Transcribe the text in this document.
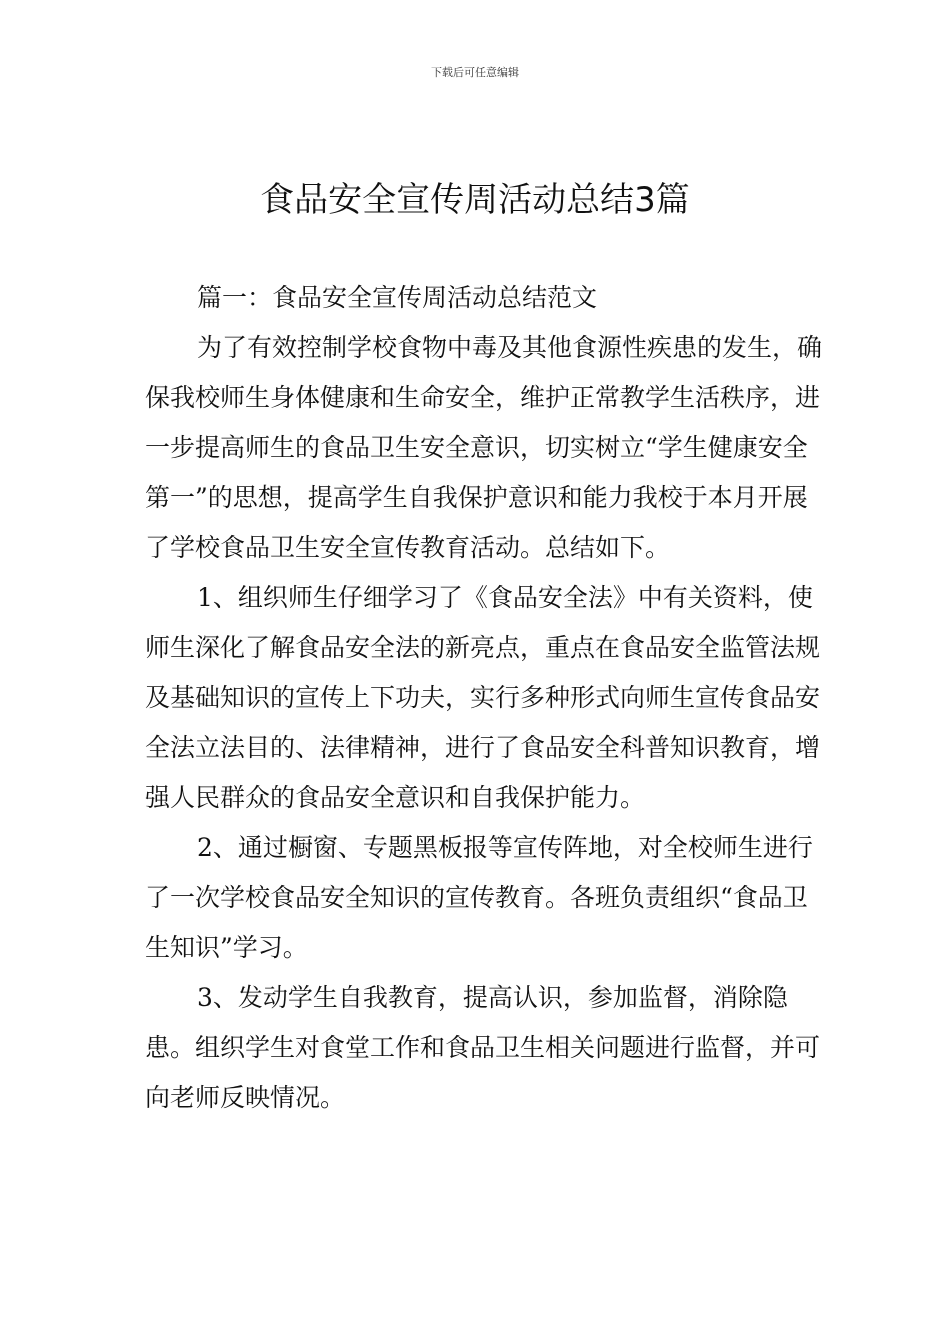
下载后可任意编辑
食品安全宣传周活动总结3篇

篇一：食品安全宣传周活动总结范文

为了有效控制学校食物中毒及其他食源性疾患的发生，确保我校师生身体健康和生命安全，维护正常教学生活秩序，进一步提高师生的食品卫生安全意识，切实树立“学生健康安全第一”的思想，提高学生自我保护意识和能力我校于本月开展了学校食品卫生安全宣传教育活动。总结如下。

1、组织师生仔细学习了《食品安全法》中有关资料，使师生深化了解食品安全法的新亮点，重点在食品安全监管法规及基础知识的宣传上下功夫，实行多种形式向师生宣传食品安全法立法目的、法律精神，进行了食品安全科普知识教育，增强人民群众的食品安全意识和自我保护能力。

2、通过橱窗、专题黑板报等宣传阵地，对全校师生进行了一次学校食品安全知识的宣传教育。各班负责组织“食品卫生知识”学习。

3、发动学生自我教育，提高认识，参加监督，消除隐患。组织学生对食堂工作和食品卫生相关问题进行监督，并可向老师反映情况。
